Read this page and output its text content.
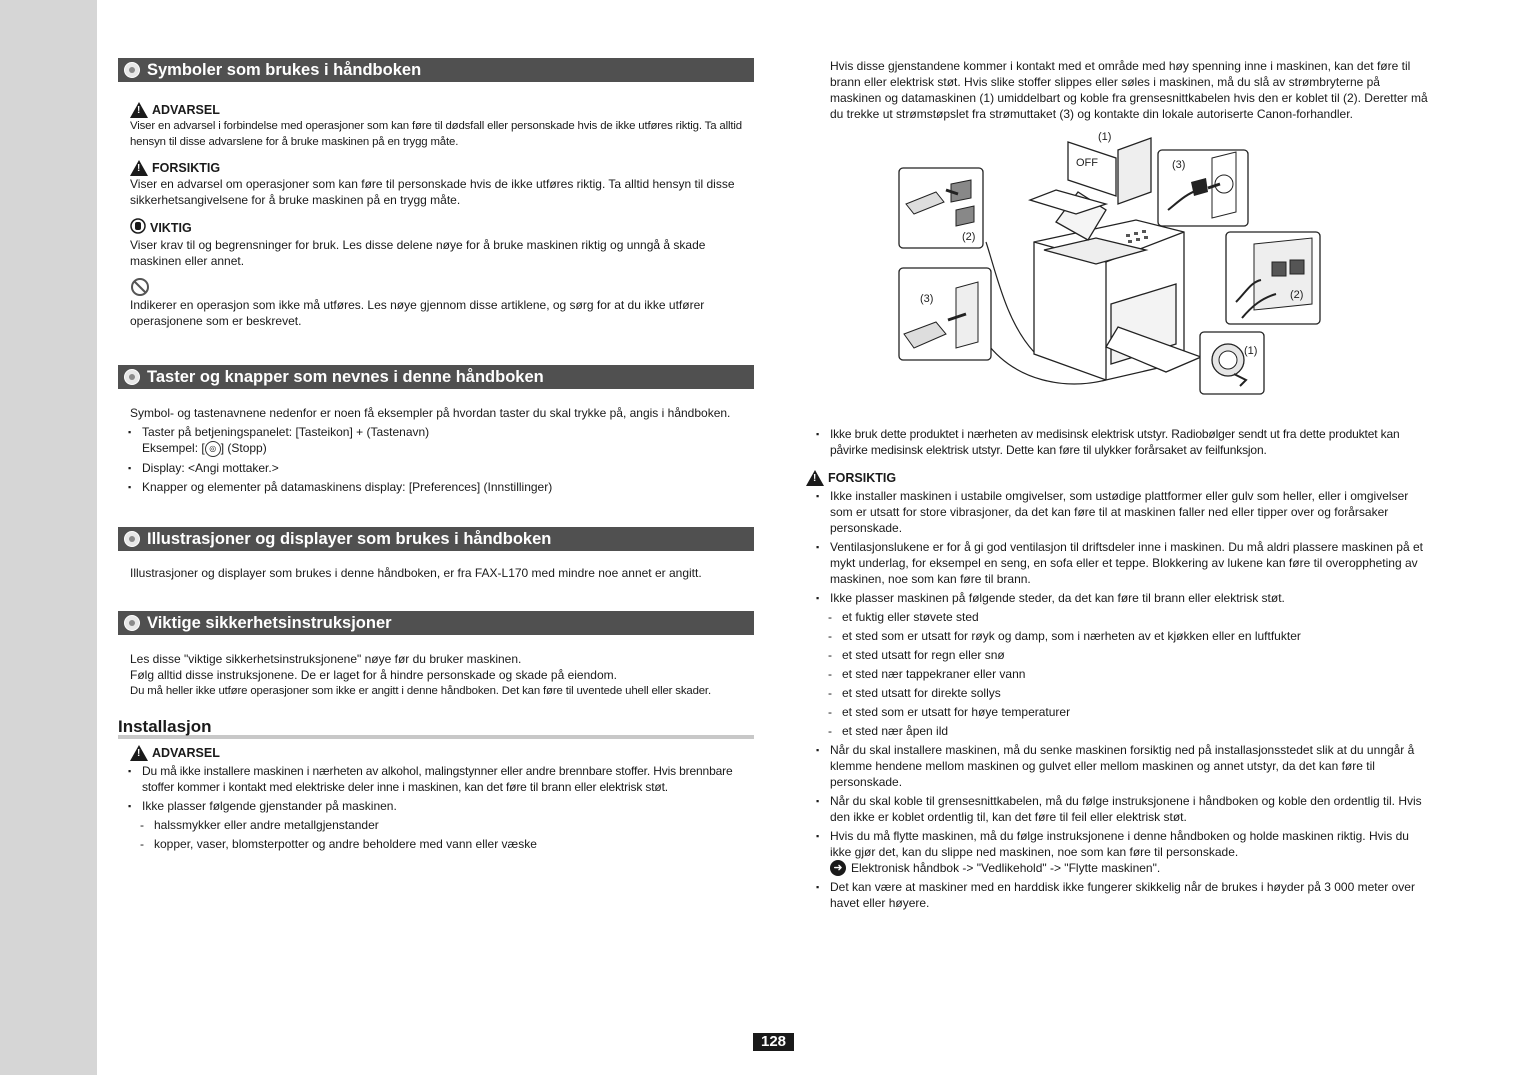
Symboler som brukes i håndboken
! ADVARSEL
Viser en advarsel i forbindelse med operasjoner som kan føre til dødsfall eller personskade hvis de ikke utføres riktig. Ta alltid hensyn til disse advarslene for å bruke maskinen på en trygg måte.
! FORSIKTIG
Viser en advarsel om operasjoner som kan føre til personskade hvis de ikke utføres riktig. Ta alltid hensyn til disse sikkerhetsangivelsene for å bruke maskinen på en trygg måte.
VIKTIG
Viser krav til og begrensninger for bruk. Les disse delene nøye for å bruke maskinen riktig og unngå å skade maskinen eller annet.
Indikerer en operasjon som ikke må utføres. Les nøye gjennom disse artiklene, og sørg for at du ikke utfører operasjonene som er beskrevet.
Taster og knapper som nevnes i denne håndboken
Symbol- og tastenavnene nedenfor er noen få eksempler på hvordan taster du skal trykke på, angis i håndboken.
▪ Taster på betjeningspanelet: [Tasteikon] + (Tastenavn)
Eksempel: [ ◎ ] (Stopp)
▪ Display: <Angi mottaker.>
▪ Knapper og elementer på datamaskinens display: [Preferences] (Innstillinger)
Illustrasjoner og displayer som brukes i håndboken
Illustrasjoner og displayer som brukes i denne håndboken, er fra FAX-L170 med mindre noe annet er angitt.
Viktige sikkerhetsinstruksjoner
Les disse "viktige sikkerhetsinstruksjonene" nøye før du bruker maskinen.
Følg alltid disse instruksjonene. De er laget for å hindre personskade og skade på eiendom.
Du må heller ikke utføre operasjoner som ikke er angitt i denne håndboken. Det kan føre til uventede uhell eller skader.
Installasjon
! ADVARSEL
▪ Du må ikke installere maskinen i nærheten av alkohol, malingstynner eller andre brennbare stoffer. Hvis brennbare stoffer kommer i kontakt med elektriske deler inne i maskinen, kan det føre til brann eller elektrisk støt.
▪ Ikke plasser følgende gjenstander på maskinen.
- halssmykker eller andre metallgjenstander
- kopper, vaser, blomsterpotter og andre beholdere med vann eller væske
Hvis disse gjenstandene kommer i kontakt med et område med høy spenning inne i maskinen, kan det føre til brann eller elektrisk støt. Hvis slike stoffer slippes eller søles i maskinen, må du slå av strømbryterne på maskinen og datamaskinen (1) umiddelbart og koble fra grensesnittkabelen hvis den er koblet til (2). Deretter må du trekke ut strømstøpslet fra strømuttaket (3) og kontakte din lokale autoriserte Canon-forhandler.
OFF
(1)
(2)
(3)
(3)	(2)
(1)
▪ Ikke bruk dette produktet i nærheten av medisinsk elektrisk utstyr. Radiobølger sendt ut fra dette produktet kan påvirke medisinsk elektrisk utstyr. Dette kan føre til ulykker forårsaket av feilfunksjon.
! FORSIKTIG
▪ Ikke installer maskinen i ustabile omgivelser, som ustødige plattformer eller gulv som heller, eller i omgivelser som er utsatt for store vibrasjoner, da det kan føre til at maskinen faller ned eller tipper over og forårsaker personskade.
▪ Ventilasjonslukene er for å gi god ventilasjon til driftsdeler inne i maskinen. Du må aldri plassere maskinen på et mykt underlag, for eksempel en seng, en sofa eller et teppe. Blokkering av lukene kan føre til overoppheting av maskinen, noe som kan føre til brann.
▪ Ikke plasser maskinen på følgende steder, da det kan føre til brann eller elektrisk støt.
- et fuktig eller støvete sted
- et sted som er utsatt for røyk og damp, som i nærheten av et kjøkken eller en luftfukter
- et sted utsatt for regn eller snø
- et sted nær tappekraner eller vann
- et sted utsatt for direkte sollys
- et sted som er utsatt for høye temperaturer
- et sted nær åpen ild
▪ Når du skal installere maskinen, må du senke maskinen forsiktig ned på installasjonsstedet slik at du unngår å klemme hendene mellom maskinen og gulvet eller mellom maskinen og annet utstyr, da det kan føre til personskade.
▪ Når du skal koble til grensesnittkabelen, må du følge instruksjonene i håndboken og koble den ordentlig til. Hvis den ikke er koblet ordentlig til, kan det føre til feil eller elektrisk støt.
▪ Hvis du må flytte maskinen, må du følge instruksjonene i denne håndboken og holde maskinen riktig. Hvis du ikke gjør det, kan du slippe ned maskinen, noe som kan føre til personskade.
➜ Elektronisk håndbok -> "Vedlikehold" -> "Flytte maskinen".
▪ Det kan være at maskiner med en harddisk ikke fungerer skikkelig når de brukes i høyder på 3 000 meter over havet eller høyere.
128
